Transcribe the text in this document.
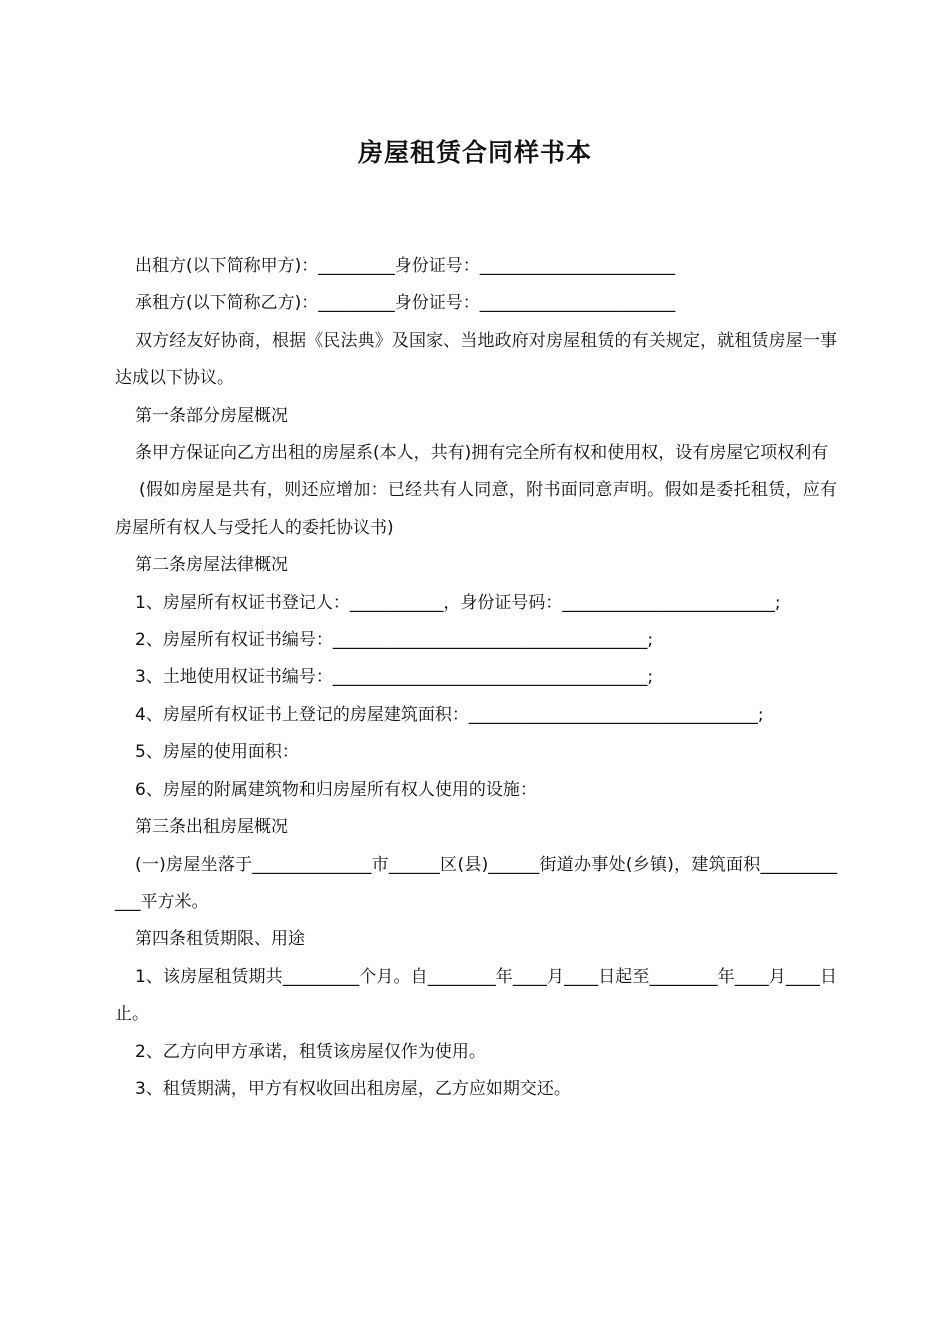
房屋租赁合同样书本

出租方(以下简称甲方)：_________身份证号：_______________________

承租方(以下简称乙方)：_________身份证号：_______________________

双方经友好协商，根据《民法典》及国家、当地政府对房屋租赁的有关规定，就租赁房屋一事达成以下协议。

第一条部分房屋概况

条甲方保证向乙方出租的房屋系(本人，共有)拥有完全所有权和使用权，设有房屋它项权利有

(假如房屋是共有，则还应增加：已经共有人同意，附书面同意声明。假如是委托租赁，应有房屋所有权人与受托人的委托协议书)

第二条房屋法律概况

1、房屋所有权证书登记人：___________，身份证号码：_________________________;

2、房屋所有权证书编号：_____________________________________;

3、土地使用权证书编号：_____________________________________;

4、房屋所有权证书上登记的房屋建筑面积：__________________________________;

5、房屋的使用面积：

6、房屋的附属建筑物和归房屋所有权人使用的设施：

第三条出租房屋概况

(一)房屋坐落于______________市______区(县)______街道办事处(乡镇)，建筑面积____________平方米。

第四条租赁期限、用途

1、该房屋租赁期共_________个月。自________年____月____日起至________年____月____日止。

2、乙方向甲方承诺，租赁该房屋仅作为使用。

3、租赁期满，甲方有权收回出租房屋，乙方应如期交还。
